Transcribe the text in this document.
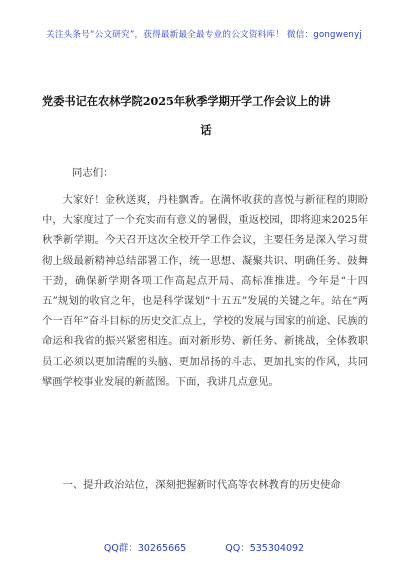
关注头条号“公文研究”，获得最新最全最专业的公文资料库！ 微信：gongwenyj
党委书记在农林学院2025年秋季学期开学工作会议上的讲
话
同志们：

大家好！金秋送爽，丹桂飘香。在满怀收获的喜悦与新征程的期盼中，大家度过了一个充实而有意义的暑假，重返校园，即将迎来2025年秋季新学期。今天召开这次全校开学工作会议，主要任务是深入学习贯彻上级最新精神总结部署工作，统一思想、凝聚共识、明确任务、鼓舞干劲，确保新学期各项工作高起点开局、高标准推进。今年是“十四五”规划的收官之年，也是科学谋划“十五五”发展的关键之年。站在“两个一百年”奋斗目标的历史交汇点上，学校的发展与国家的前途、民族的命运和我省的振兴紧密相连。面对新形势、新任务、新挑战，全体教职员工必须以更加清醒的头脑、更加昂扬的斗志、更加扎实的作风，共同擘画学校事业发展的新蓝图。下面，我讲几点意见。

一、提升政治站位，深刻把握新时代高等农林教育的历史使命

QQ群：30265665	QQ：535304092
